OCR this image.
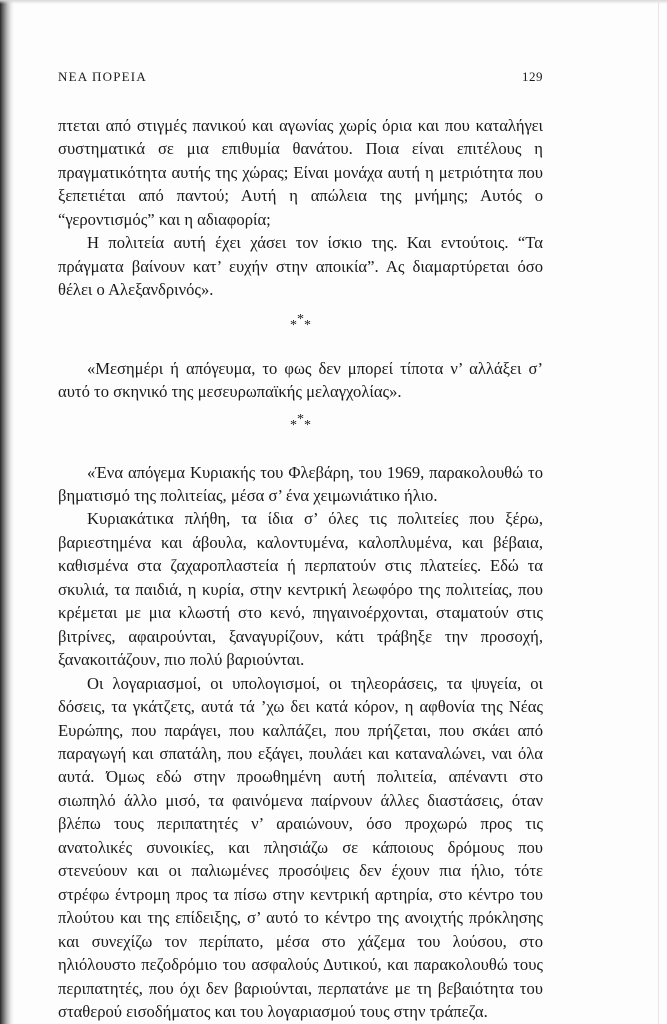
ΝΕΑ ΠΟΡΕΙΑ	129

πτεται από στιγμές πανικού και αγωνίας χωρίς όρια και που καταλήγει συστηματικά σε μια επιθυμία θανάτου. Ποια είναι επιτέλους η πραγματικότητα αυτής της χώρας; Είναι μονάχα αυτή η μετριότητα που ξεπετιέται από παντού; Αυτή η απώλεια της μνήμης; Αυτός ο “γεροντισμός” και η αδιαφορία;

Η πολιτεία αυτή έχει χάσει τον ίσκιο της. Και εντούτοις. “Τα πράγματα βαίνουν κατ’ ευχήν στην αποικία”. Ας διαμαρτύρεται όσο θέλει ο Αλεξανδρινός».

***

«Μεσημέρι ή απόγευμα, το φως δεν μπορεί τίποτα ν’ αλλάξει σ’ αυτό το σκηνικό της μεσευρωπαϊκής μελαγχολίας».

***

«Ένα απόγεμα Κυριακής του Φλεβάρη, του 1969, παρακολουθώ το βηματισμό της πολιτείας, μέσα σ’ ένα χειμωνιάτικο ήλιο.

Κυριακάτικα πλήθη, τα ίδια σ’ όλες τις πολιτείες που ξέρω, βαριεστημένα και άβουλα, καλοντυμένα, καλοπλυμένα, και βέβαια, καθισμένα στα ζαχαροπλαστεία ή περπατούν στις πλατείες. Εδώ τα σκυλιά, τα παιδιά, η κυρία, στην κεντρική λεωφόρο της πολιτείας, που κρέμεται με μια κλωστή στο κενό, πηγαινοέρχονται, σταματούν στις βιτρίνες, αφαιρούνται, ξαναγυρίζουν, κάτι τράβηξε την προσοχή, ξανακοιτάζουν, πιο πολύ βαριούνται.

Οι λογαριασμοί, οι υπολογισμοί, οι τηλεοράσεις, τα ψυγεία, οι δόσεις, τα γκάτζετς, αυτά τά ’χω δει κατά κόρον, η αφθονία της Νέας Ευρώπης, που παράγει, που καλπάζει, που πρήζεται, που σκάει από παραγωγή και σπατάλη, που εξάγει, πουλάει και καταναλώνει, ναι όλα αυτά. Όμως εδώ στην προωθημένη αυτή πολιτεία, απέναντι στο σιωπηλό άλλο μισό, τα φαινόμενα παίρνουν άλλες διαστάσεις, όταν βλέπω τους περιπατητές ν’ αραιώνουν, όσο προχωρώ προς τις ανατολικές συνοικίες, και πλησιάζω σε κάποιους δρόμους που στενεύουν και οι παλιωμένες προσόψεις δεν έχουν πια ήλιο, τότε στρέφω έντρομη προς τα πίσω στην κεντρική αρτηρία, στο κέντρο του πλούτου και της επίδειξης, σ’ αυτό το κέντρο της ανοιχτής πρόκλησης και συνεχίζω τον περίπατο, μέσα στο χάζεμα του λούσου, στο ηλιόλουστο πεζοδρόμιο του ασφαλούς Δυτικού, και παρακολουθώ τους περιπατητές, που όχι δεν βαριούνται, περπατάνε με τη βεβαιότητα του σταθερού εισοδήματος και του λογαριασμού τους στην τράπεζα.
